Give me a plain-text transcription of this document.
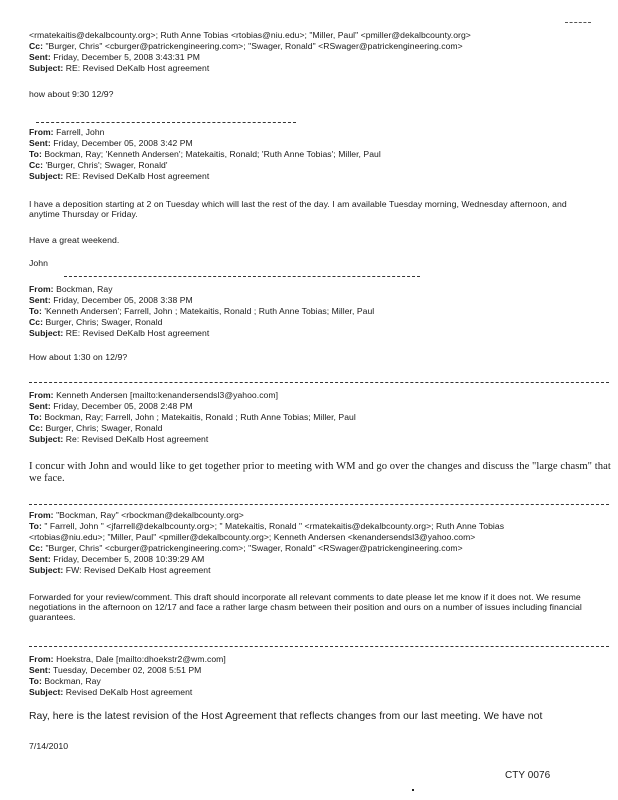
<rmatekaitis@dekalbcounty.org>; Ruth Anne Tobias <rtobias@niu.edu>; "Miller, Paul" <pmiller@dekalbcounty.org>
Cc: "Burger, Chris" <cburger@patrickengineering.com>; "Swager, Ronald" <RSwager@patrickengineering.com>
Sent: Friday, December 5, 2008 3:43:31 PM
Subject: RE: Revised DeKalb Host agreement
how about 9:30 12/9?
From: Farrell, John
Sent: Friday, December 05, 2008 3:42 PM
To: Bockman, Ray; 'Kenneth Andersen'; Matekaitis, Ronald; 'Ruth Anne Tobias'; Miller, Paul
Cc: 'Burger, Chris'; Swager, Ronald'
Subject: RE: Revised DeKalb Host agreement
I have a deposition starting at 2 on Tuesday which will last the rest of the day. I am available Tuesday morning, Wednesday afternoon, and anytime Thursday or Friday.
Have a great weekend.
John
From: Bockman, Ray
Sent: Friday, December 05, 2008 3:38 PM
To: 'Kenneth Andersen'; Farrell, John ; Matekaitis, Ronald ; Ruth Anne Tobias; Miller, Paul
Cc: Burger, Chris; Swager, Ronald
Subject: RE: Revised DeKalb Host agreement
How about 1:30 on 12/9?
From: Kenneth Andersen [mailto:kenandersendsl3@yahoo.com]
Sent: Friday, December 05, 2008 2:48 PM
To: Bockman, Ray; Farrell, John ; Matekaitis, Ronald ; Ruth Anne Tobias; Miller, Paul
Cc: Burger, Chris; Swager, Ronald
Subject: Re: Revised DeKalb Host agreement
I concur with John and would like to get together prior to meeting with WM and go over the changes and discuss the "large chasm" that we face.
From: "Bockman, Ray" <rbockman@dekalbcounty.org>
To: " Farrell, John " <jfarrell@dekalbcounty.org>; " Matekaitis, Ronald " <rmatekaitis@dekalbcounty.org>; Ruth Anne Tobias
<rtobias@niu.edu>; "Miller, Paul" <pmiller@dekalbcounty.org>; Kenneth Andersen <kenandersendsl3@yahoo.com>
Cc: "Burger, Chris" <cburger@patrickengineering.com>; "Swager, Ronald" <RSwager@patrickengineering.com>
Sent: Friday, December 5, 2008 10:39:29 AM
Subject: FW: Revised DeKalb Host agreement
Forwarded for your review/comment. This draft should incorporate all relevant comments to date please let me know if it does not. We resume negotiations in the afternoon on 12/17 and face a rather large chasm between their position and ours on a number of issues including financial guarantees.
From: Hoekstra, Dale [mailto:dhoekstr2@wm.com]
Sent: Tuesday, December 02, 2008 5:51 PM
To: Bockman, Ray
Subject: Revised DeKalb Host agreement
Ray, here is the latest revision of the Host Agreement that reflects changes from our last meeting. We have not
7/14/2010
CTY 0076
